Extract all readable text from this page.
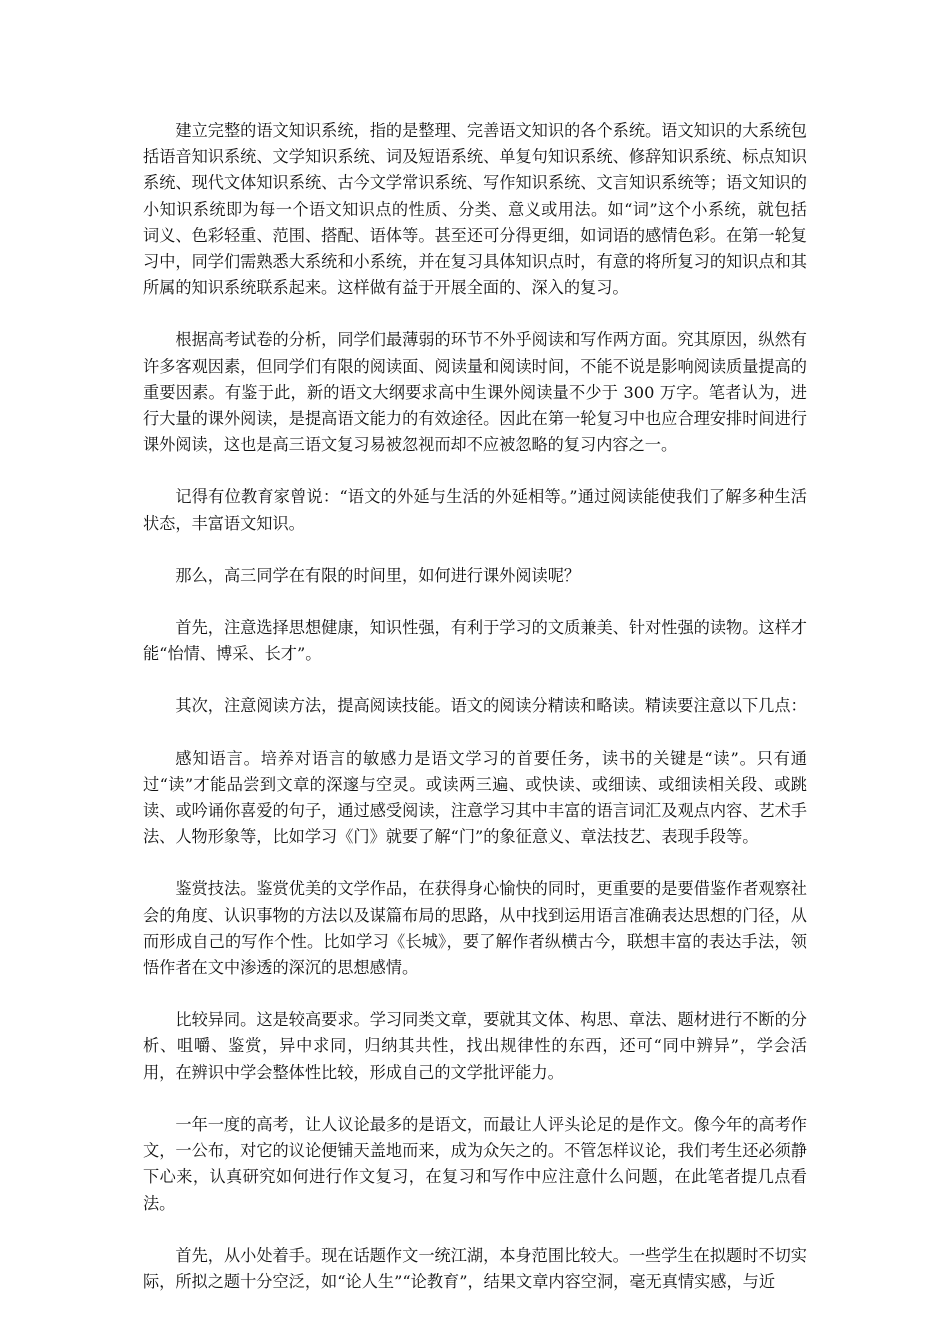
建立完整的语文知识系统，指的是整理、完善语文知识的各个系统。语文知识的大系统包括语音知识系统、文学知识系统、词及短语系统、单复句知识系统、修辞知识系统、标点知识系统、现代文体知识系统、古今文学常识系统、写作知识系统、文言知识系统等；语文知识的小知识系统即为每一个语文知识点的性质、分类、意义或用法。如“词”这个小系统，就包括词义、色彩轻重、范围、搭配、语体等。甚至还可分得更细，如词语的感情色彩。在第一轮复习中，同学们需熟悉大系统和小系统，并在复习具体知识点时，有意的将所复习的知识点和其所属的知识系统联系起来。这样做有益于开展全面的、深入的复习。

根据高考试卷的分析，同学们最薄弱的环节不外乎阅读和写作两方面。究其原因，纵然有许多客观因素，但同学们有限的阅读面、阅读量和阅读时间，不能不说是影响阅读质量提高的重要因素。有鉴于此，新的语文大纲要求高中生课外阅读量不少于 300 万字。笔者认为，进行大量的课外阅读，是提高语文能力的有效途径。因此在第一轮复习中也应合理安排时间进行课外阅读，这也是高三语文复习易被忽视而却不应被忽略的复习内容之一。

记得有位教育家曾说：“语文的外延与生活的外延相等。”通过阅读能使我们了解多种生活状态，丰富语文知识。

那么，高三同学在有限的时间里，如何进行课外阅读呢？

首先，注意选择思想健康，知识性强，有利于学习的文质兼美、针对性强的读物。这样才能“怡情、博采、长才”。

其次，注意阅读方法，提高阅读技能。语文的阅读分精读和略读。精读要注意以下几点：

感知语言。培养对语言的敏感力是语文学习的首要任务，读书的关键是“读”。只有通过“读”才能品尝到文章的深邃与空灵。或读两三遍、或快读、或细读、或细读相关段、或跳读、或吟诵你喜爱的句子，通过感受阅读，注意学习其中丰富的语言词汇及观点内容、艺术手法、人物形象等，比如学习《门》就要了解“门”的象征意义、章法技艺、表现手段等。

鉴赏技法。鉴赏优美的文学作品，在获得身心愉快的同时，更重要的是要借鉴作者观察社会的角度、认识事物的方法以及谋篇布局的思路，从中找到运用语言准确表达思想的门径，从而形成自己的写作个性。比如学习《长城》，要了解作者纵横古今，联想丰富的表达手法，领悟作者在文中渗透的深沉的思想感情。

比较异同。这是较高要求。学习同类文章，要就其文体、构思、章法、题材进行不断的分析、咀嚼、鉴赏，异中求同，归纳其共性，找出规律性的东西，还可“同中辨异”，学会活用，在辨识中学会整体性比较，形成自己的文学批评能力。

一年一度的高考，让人议论最多的是语文，而最让人评头论足的是作文。像今年的高考作文，一公布，对它的议论便铺天盖地而来，成为众矢之的。不管怎样议论，我们考生还必须静下心来，认真研究如何进行作文复习，在复习和写作中应注意什么问题，在此笔者提几点看法。

首先，从小处着手。现在话题作文一统江湖，本身范围比较大。一些学生在拟题时不切实际，所拟之题十分空泛，如“论人生”“论教育”，结果文章内容空洞，毫无真情实感，与近
